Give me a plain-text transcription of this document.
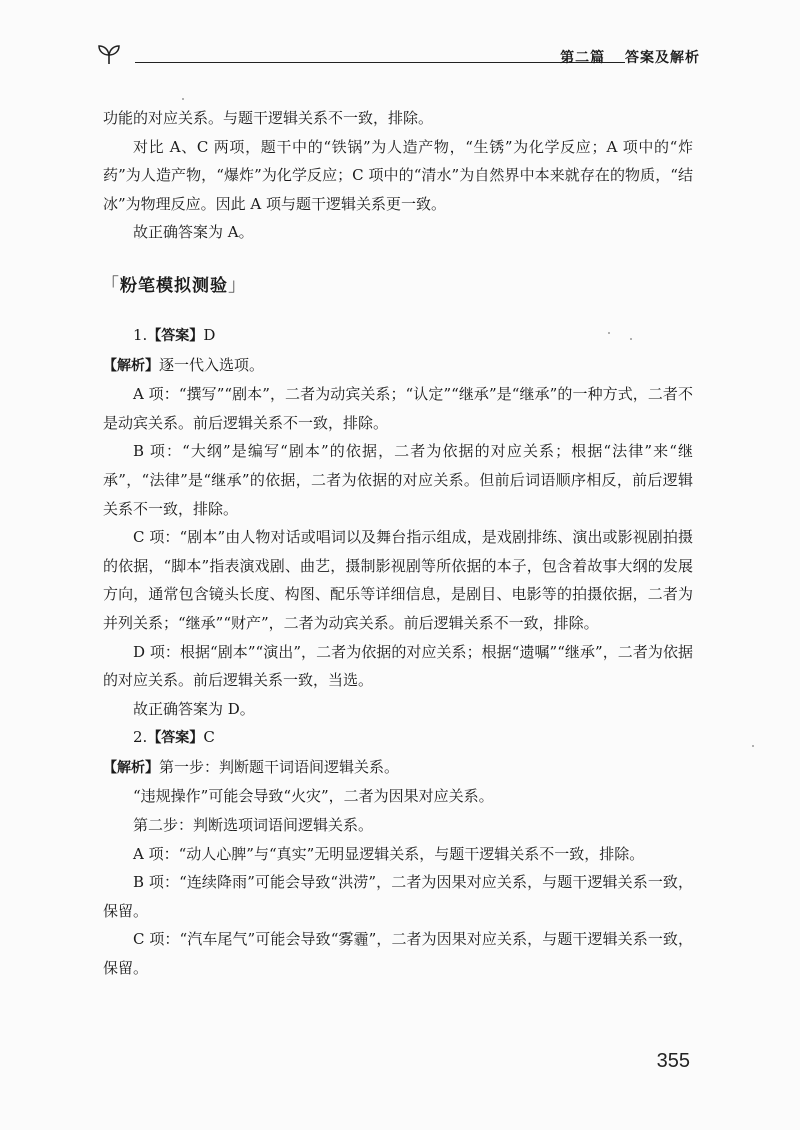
第二篇 答案及解析

功能的对应关系。与题干逻辑关系不一致，排除。

对比 A、C 两项，题干中的“铁锅”为人造产物，“生锈”为化学反应；A 项中的“炸药”为人造产物，“爆炸”为化学反应；C 项中的“清水”为自然界中本来就存在的物质，“结冰”为物理反应。因此 A 项与题干逻辑关系更一致。

故正确答案为 A。

「粉笔模拟测验」

1.【答案】D

【解析】逐一代入选项。

A 项：“撰写”“剧本”，二者为动宾关系；“认定”“继承”是“继承”的一种方式，二者不是动宾关系。前后逻辑关系不一致，排除。

B 项：“大纲”是编写“剧本”的依据，二者为依据的对应关系；根据“法律”来“继承”，“法律”是“继承”的依据，二者为依据的对应关系。但前后词语顺序相反，前后逻辑关系不一致，排除。

C 项：“剧本”由人物对话或唱词以及舞台指示组成，是戏剧排练、演出或影视剧拍摄的依据，“脚本”指表演戏剧、曲艺，摄制影视剧等所依据的本子，包含着故事大纲的发展方向，通常包含镜头长度、构图、配乐等详细信息，是剧目、电影等的拍摄依据，二者为并列关系；“继承”“财产”，二者为动宾关系。前后逻辑关系不一致，排除。

D 项：根据“剧本”“演出”，二者为依据的对应关系；根据“遗嘱”“继承”，二者为依据的对应关系。前后逻辑关系一致，当选。

故正确答案为 D。

2.【答案】C

【解析】第一步：判断题干词语间逻辑关系。

“违规操作”可能会导致“火灾”，二者为因果对应关系。

第二步：判断选项词语间逻辑关系。

A 项：“动人心脾”与“真实”无明显逻辑关系，与题干逻辑关系不一致，排除。

B 项：“连续降雨”可能会导致“洪涝”，二者为因果对应关系，与题干逻辑关系一致，保留。

C 项：“汽车尾气”可能会导致“雾霾”，二者为因果对应关系，与题干逻辑关系一致，保留。

355
